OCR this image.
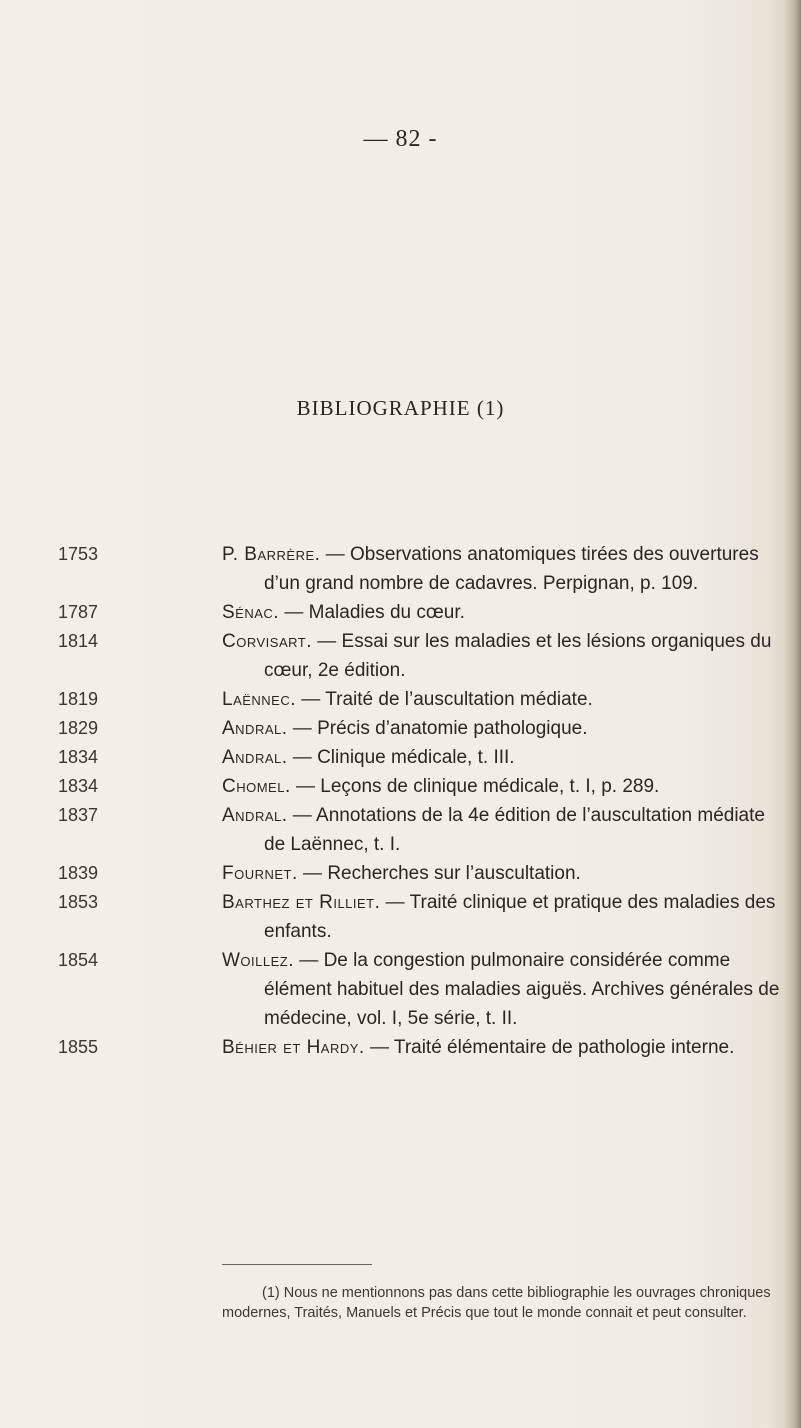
— 82 -
BIBLIOGRAPHIE (1)
1753	P. Barrère. — Observations anatomiques tirées des ouvertures d’un grand nombre de cadavres. Perpignan, p. 109.
1787	Sénac. — Maladies du cœur.
1814	Corvisart. — Essai sur les maladies et les lésions organiques du cœur, 2e édition.
1819	Laënnec. — Traité de l’auscultation médiate.
1829	Andral. — Précis d’anatomie pathologique.
1834	Andral. — Clinique médicale, t. III.
1834	Chomel. — Leçons de clinique médicale, t. I, p. 289.
1837	Andral. — Annotations de la 4e édition de l’auscultation médiate de Laënnec, t. I.
1839	Fournet. — Recherches sur l’auscultation.
1853	Barthez et Rilliet. — Traité clinique et pratique des maladies des enfants.
1854	Woillez. — De la congestion pulmonaire considérée comme élément habituel des maladies aiguës. Archives générales de médecine, vol. I, 5e série, t. II.
1855	Béhier et Hardy. — Traité élémentaire de pathologie interne.

(1) Nous ne mentionnons pas dans cette bibliographie les ouvrages chroniques modernes, Traités, Manuels et Précis que tout le monde connait et peut consulter.
